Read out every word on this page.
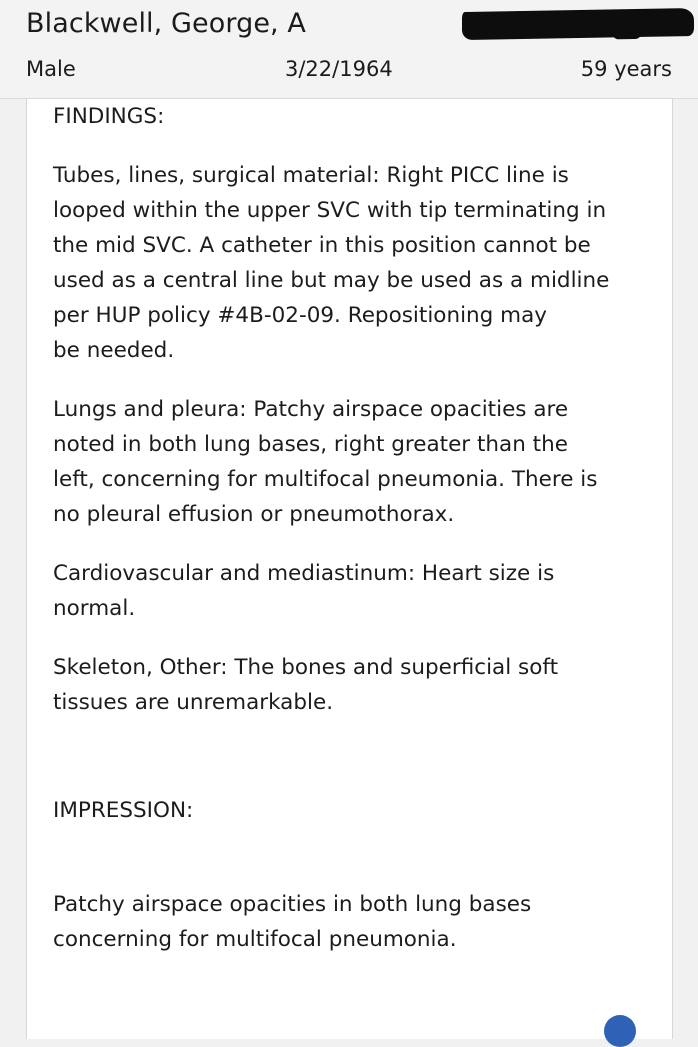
Blackwell, George, A
Male	3/22/1964	59 years

FINDINGS:

Tubes, lines, surgical material: Right PICC line is
looped within the upper SVC with tip terminating in
the mid SVC. A catheter in this position cannot be
used as a central line but may be used as a midline
per HUP policy #4B-02-09. Repositioning may
be needed.

Lungs and pleura: Patchy airspace opacities are
noted in both lung bases, right greater than the
left, concerning for multifocal pneumonia. There is
no pleural effusion or pneumothorax.

Cardiovascular and mediastinum: Heart size is
normal.

Skeleton, Other: The bones and superficial soft
tissues are unremarkable.

IMPRESSION:

Patchy airspace opacities in both lung bases
concerning for multifocal pneumonia.
